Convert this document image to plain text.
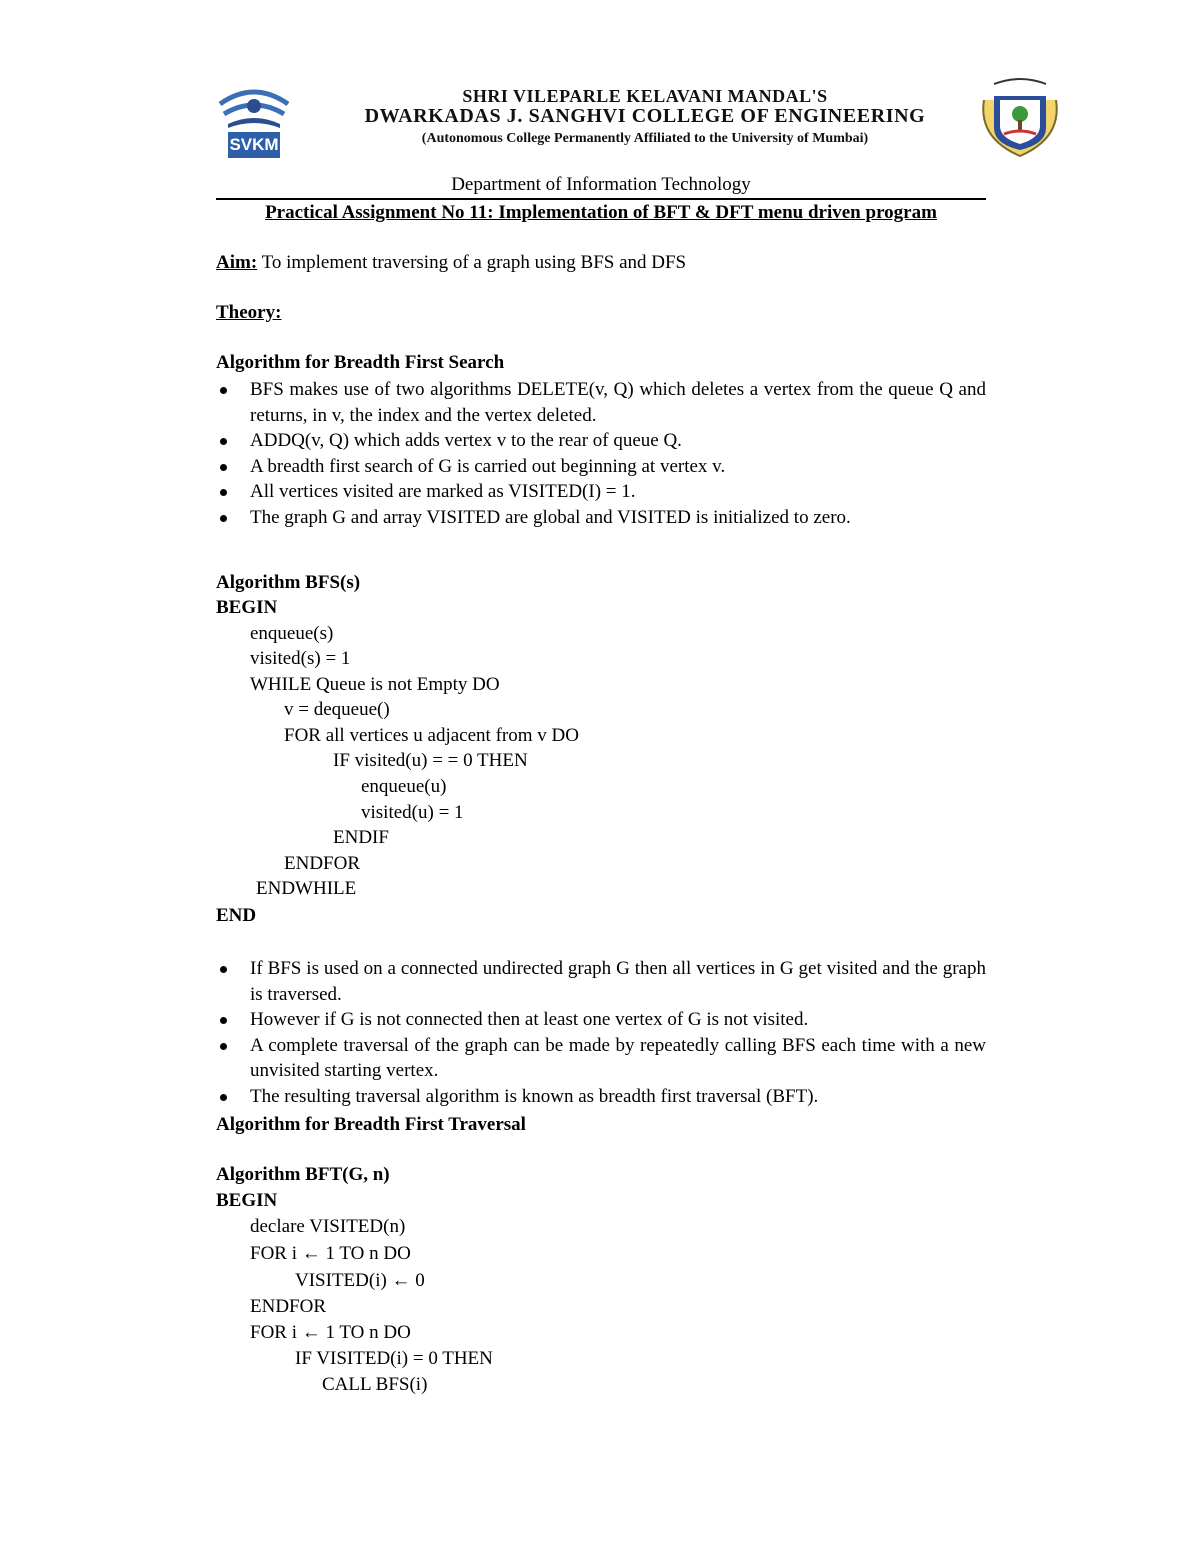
SVKM
SHRI VILEPARLE KELAVANI MANDAL'S
DWARKADAS J. SANGHVI COLLEGE OF ENGINEERING
(Autonomous College Permanently Affiliated to the University of Mumbai)
Department of Information Technology
Practical Assignment No 11: Implementation of BFT & DFT menu driven program
Aim: To implement traversing of a graph using BFS and DFS
Theory:
Algorithm for Breadth First Search
BFS makes use of two algorithms DELETE(v, Q) which deletes a vertex from the queue Q and returns, in v, the index and the vertex deleted.
ADDQ(v, Q) which adds vertex v to the rear of queue Q.
A breadth first search of G is carried out beginning at vertex v.
All vertices visited are marked as VISITED(I) = 1.
The graph G and array VISITED are global and VISITED is initialized to zero.
Algorithm BFS(s)
BEGIN
enqueue(s)
visited(s) = 1
WHILE Queue is not Empty DO
v = dequeue()
FOR all vertices u adjacent from v DO
IF visited(u) = = 0 THEN
enqueue(u)
visited(u) = 1
ENDIF
ENDFOR
ENDWHILE
END
If BFS is used on a connected undirected graph G then all vertices in G get visited and the graph is traversed.
However if G is not connected then at least one vertex of G is not visited.
A complete traversal of the graph can be made by repeatedly calling BFS each time with a new unvisited starting vertex.
The resulting traversal algorithm is known as breadth first traversal (BFT).
Algorithm for Breadth First Traversal
Algorithm BFT(G, n)
BEGIN
declare VISITED(n)
FOR i ← 1 TO n DO
VISITED(i) ← 0
ENDFOR
FOR i ← 1 TO n DO
IF VISITED(i) = 0 THEN
CALL BFS(i)
